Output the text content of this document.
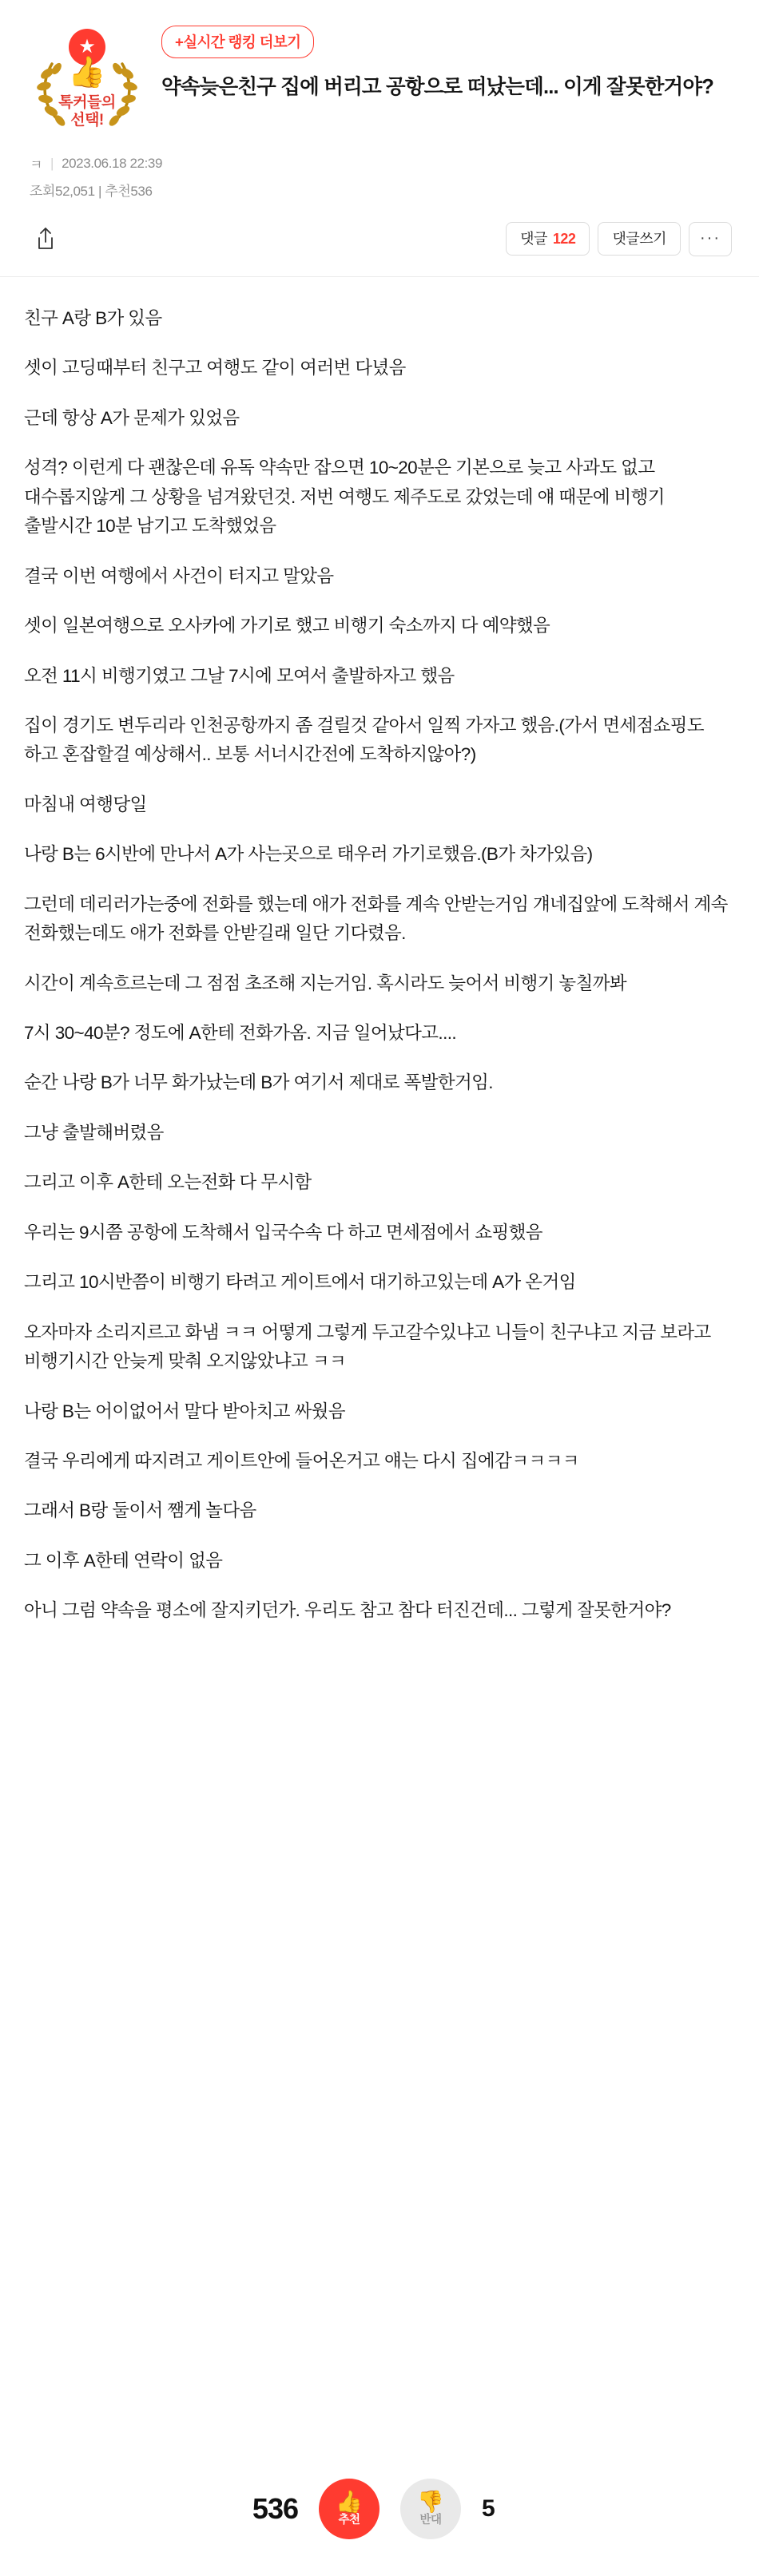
★
👍
톡커들의
선택!
+실시간 랭킹 더보기
약속늦은친구 집에 버리고 공항으로 떠났는데... 이게 잘못한거야?
ㅋ | 2023.06.18 22:39
조회52,051 | 추천536
댓글 122	댓글쓰기	···

친구 A랑 B가 있음

셋이 고딩때부터 친구고 여행도 같이 여러번 다녔음

근데 항상 A가 문제가 있었음

성격? 이런게 다 괜찮은데 유독 약속만 잡으면 10~20분은 기본으로 늦고 사과도 없고 대수롭지않게 그 상황을 넘겨왔던것. 저번 여행도 제주도로 갔었는데 얘 때문에 비행기 출발시간 10분 남기고 도착했었음

결국 이번 여행에서 사건이 터지고 말았음

셋이 일본여행으로 오사카에 가기로 했고 비행기 숙소까지 다 예약했음

오전 11시 비행기였고 그날 7시에 모여서 출발하자고 했음

집이 경기도 변두리라 인천공항까지 좀 걸릴것 같아서 일찍 가자고 했음.(가서 면세점쇼핑도 하고 혼잡할걸 예상해서.. 보통 서너시간전에 도착하지않아?)

마침내 여행당일

나랑 B는 6시반에 만나서 A가 사는곳으로 태우러 가기로했음.(B가 차가있음)

그런데 데리러가는중에 전화를 했는데 애가 전화를 계속 안받는거임 걔네집앞에 도착해서 계속 전화했는데도 애가 전화를 안받길래 일단 기다렸음.

시간이 계속흐르는데 그 점점 초조해 지는거임. 혹시라도 늦어서 비행기 놓칠까봐

7시 30~40분? 정도에 A한테 전화가옴. 지금 일어났다고....

순간 나랑 B가 너무 화가났는데 B가 여기서 제대로 폭발한거임.

그냥 출발해버렸음

그리고 이후 A한테 오는전화 다 무시함

우리는 9시쯤 공항에 도착해서 입국수속 다 하고 면세점에서 쇼핑했음

그리고 10시반쯤이 비행기 타려고 게이트에서 대기하고있는데 A가 온거임

오자마자 소리지르고 화냄 ㅋㅋ 어떻게 그렇게 두고갈수있냐고 니들이 친구냐고 지금 보라고 비행기시간 안늦게 맞춰 오지않았냐고 ㅋㅋ

나랑 B는 어이없어서 말다 받아치고 싸웠음

결국 우리에게 따지려고 게이트안에 들어온거고 얘는 다시 집에감ㅋㅋㅋㅋ

그래서 B랑 둘이서 쨈게 놀다음

그 이후 A한테 연락이 없음

아니 그럼 약속을 평소에 잘지키던가. 우리도 참고 참다 터진건데... 그렇게 잘못한거야?

536 👍
추천
👎
반대 5
